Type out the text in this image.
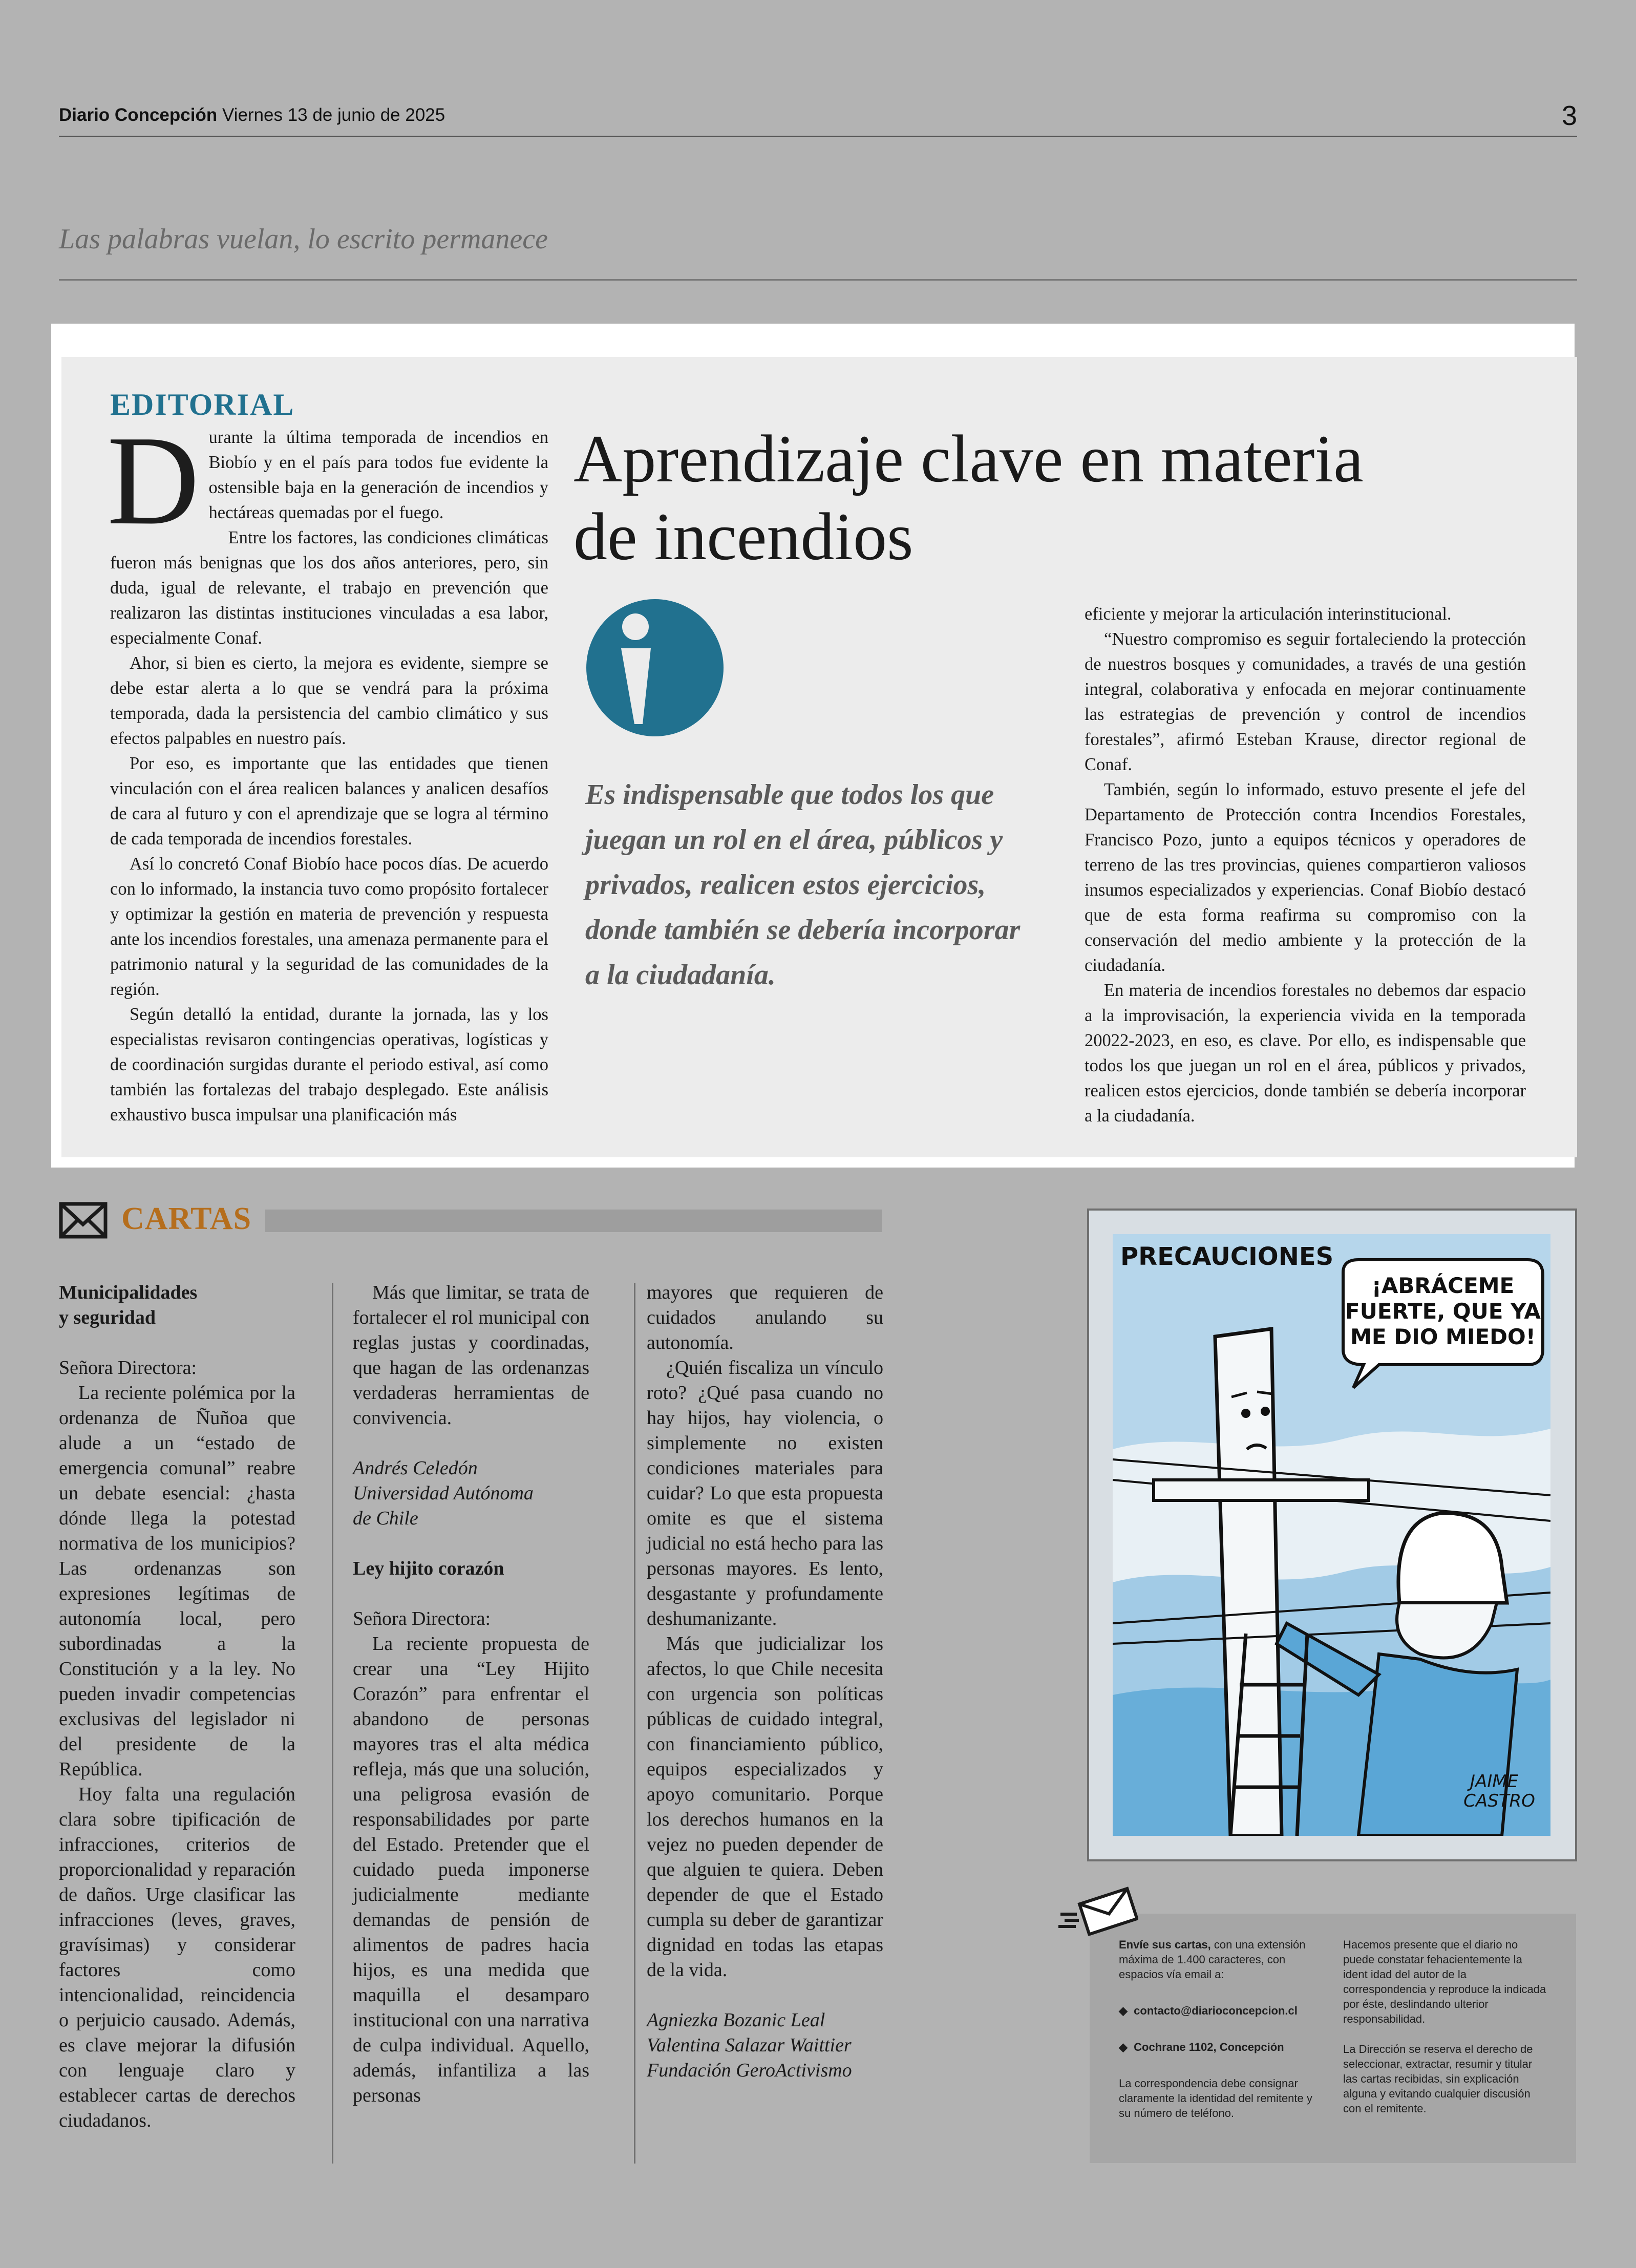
Diario Concepción Viernes 13 de junio de 2025	3
Las palabras vuelan, lo escrito permanece
EDITORIAL
D urante la última temporada de incendios en Biobío y en el país para todos fue evidente la ostensible baja en la generación de incendios y hectáreas quemadas por el fuego.

Entre los factores, las condiciones climáticas fueron más benignas que los dos años anteriores, pero, sin duda, igual de relevante, el trabajo en prevención que realizaron las distintas instituciones vinculadas a esa labor, especialmente Conaf.

Ahor, si bien es cierto, la mejora es evidente, siempre se debe estar alerta a lo que se vendrá para la próxima temporada, dada la persistencia del cambio climático y sus efectos palpables en nuestro país.

Por eso, es importante que las entidades que tienen vinculación con el área realicen balances y analicen desafíos de cara al futuro y con el aprendizaje que se logra al término de cada temporada de incendios forestales.

Así lo concretó Conaf Biobío hace pocos días. De acuerdo con lo informado, la instancia tuvo como propósito fortalecer y optimizar la gestión en materia de prevención y respuesta ante los incendios forestales, una amenaza permanente para el patrimonio natural y la seguridad de las comunidades de la región.

Según detalló la entidad, durante la jornada, las y los especialistas revisaron contingencias operativas, logísticas y de coordinación surgidas durante el periodo estival, así como también las fortalezas del trabajo desplegado. Este análisis exhaustivo busca impulsar una planificación más

Aprendizaje clave en materia
de incendios
Es indispensable que todos los que juegan un rol en el área, públicos y privados, realicen estos ejercicios, donde también se debería incorporar a la ciudadanía.

eficiente y mejorar la articulación interinstitucional.

“Nuestro compromiso es seguir fortaleciendo la protección de nuestros bosques y comunidades, a través de una gestión integral, colaborativa y enfocada en mejorar continuamente las estrategias de prevención y control de incendios forestales”, afirmó Esteban Krause, director regional de Conaf.

También, según lo informado, estuvo presente el jefe del Departamento de Protección contra Incendios Forestales, Francisco Pozo, junto a equipos técnicos y operadores de terreno de las tres provincias, quienes compartieron valiosos insumos especializados y experiencias. Conaf Biobío destacó que de esta forma reafirma su compromiso con la conservación del medio ambiente y la protección de la ciudadanía.

En materia de incendios forestales no debemos dar espacio a la improvisación, la experiencia vivida en la temporada 20022-2023, en eso, es clave. Por ello, es indispensable que todos los que juegan un rol en el área, públicos y privados, realicen estos ejercicios, donde también se debería incorporar a la ciudadanía.

CARTAS

Municipalidades

y seguridad

Señora Directora:

La reciente polémica por la ordenanza de Ñuñoa que alude a un “estado de emergencia comunal” reabre un debate esencial: ¿hasta dónde llega la potestad normativa de los municipios? Las ordenanzas son expresiones legítimas de autonomía local, pero subordinadas a la Constitución y a la ley. No pueden invadir competencias exclusivas del legislador ni del presidente de la República.

Hoy falta una regulación clara sobre tipificación de infracciones, criterios de proporcionalidad y reparación de daños. Urge clasificar las infracciones (leves, graves, gravísimas) y considerar factores como intencionalidad, reincidencia o perjuicio causado. Además, es clave mejorar la difusión con lenguaje claro y establecer cartas de derechos ciudadanos.

Más que limitar, se trata de fortalecer el rol municipal con reglas justas y coordinadas, que hagan de las ordenanzas verdaderas herramientas de convivencia.

Andrés Celedón

Universidad Autónoma

de Chile

Ley hijito corazón

Señora Directora:

La reciente propuesta de crear una “Ley Hijito Corazón” para enfrentar el abandono de personas mayores tras el alta médica refleja, más que una solución, una peligrosa evasión de responsabilidades por parte del Estado. Pretender que el cuidado pueda imponerse judicialmente mediante demandas de pensión de alimentos de padres hacia hijos, es una medida que maquilla el desamparo institucional con una narrativa de culpa individual. Aquello, además, infantiliza a las personas

mayores que requieren de cuidados anulando su autonomía.

¿Quién fiscaliza un vínculo roto? ¿Qué pasa cuando no hay hijos, hay violencia, o simplemente no existen condiciones materiales para cuidar? Lo que esta propuesta omite es que el sistema judicial no está hecho para las personas mayores. Es lento, desgastante y profundamente deshumanizante.

Más que judicializar los afectos, lo que Chile necesita con urgencia son políticas públicas de cuidado integral, con financiamiento público, equipos especializados y apoyo comunitario. Porque los derechos humanos en la vejez no pueden depender de que alguien te quiera. Deben depender de que el Estado cumpla su deber de garantizar dignidad en todas las etapas de la vida.

Agniezka Bozanic Leal

Valentina Salazar Waittier

Fundación GeroActivismo

PRECAUCIONES
¡ABRÁCEME
FUERTE, QUE YA
ME DIO MIEDO!
JAIME
CASTRO

Envíe sus cartas, con una extensión máxima de 1.400 caracteres, con espacios vía email a:

◆ contacto@diarioconcepcion.cl

◆ Cochrane 1102, Concepción

La correspondencia debe consignar claramente la identidad del remitente y su número de teléfono.

Hacemos presente que el diario no puede constatar fehacientemente la ident idad del autor de la correspondencia y reproduce la indicada por éste, deslindando ulterior responsabilidad.

La Dirección se reserva el derecho de seleccionar, extractar, resumir y titular las cartas recibidas, sin explicación alguna y evitando cualquier discusión con el remitente.
